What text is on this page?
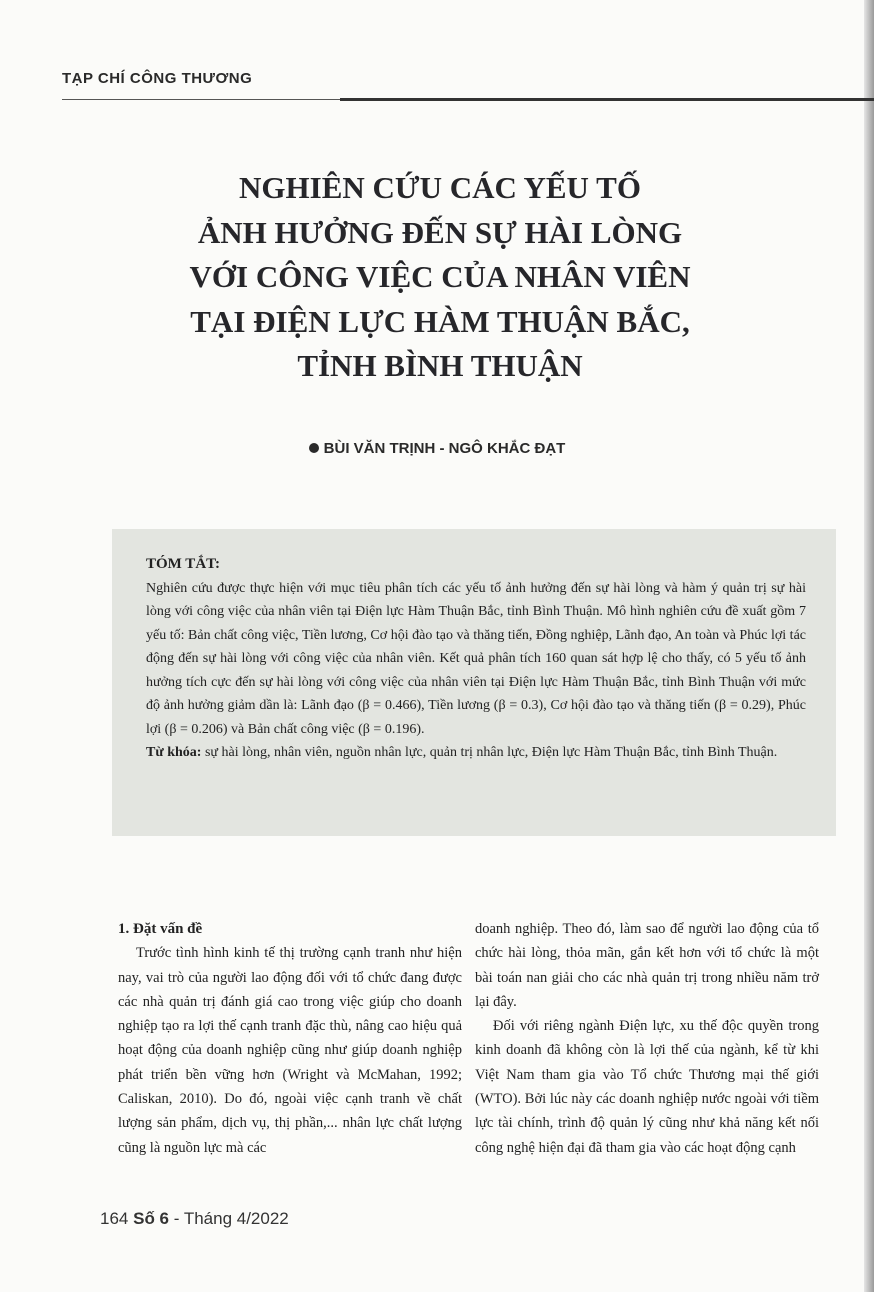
TẠP CHÍ CÔNG THƯƠNG
NGHIÊN CỨU CÁC YẾU TỐ
ẢNH HƯỞNG ĐẾN SỰ HÀI LÒNG
VỚI CÔNG VIỆC CỦA NHÂN VIÊN
TẠI ĐIỆN LỰC HÀM THUẬN BẮC,
TỈNH BÌNH THUẬN
BÙI VĂN TRỊNH - NGÔ KHẮC ĐẠT
TÓM TẮT:
Nghiên cứu được thực hiện với mục tiêu phân tích các yếu tố ảnh hưởng đến sự hài lòng và hàm ý quản trị sự hài lòng với công việc của nhân viên tại Điện lực Hàm Thuận Bắc, tỉnh Bình Thuận. Mô hình nghiên cứu đề xuất gồm 7 yếu tố: Bản chất công việc, Tiền lương, Cơ hội đào tạo và thăng tiến, Đồng nghiệp, Lãnh đạo, An toàn và Phúc lợi tác động đến sự hài lòng với công việc của nhân viên. Kết quả phân tích 160 quan sát hợp lệ cho thấy, có 5 yếu tố ảnh hưởng tích cực đến sự hài lòng với công việc của nhân viên tại Điện lực Hàm Thuận Bắc, tỉnh Bình Thuận với mức độ ảnh hưởng giảm dần là: Lãnh đạo (β = 0.466), Tiền lương (β = 0.3), Cơ hội đào tạo và thăng tiến (β = 0.29), Phúc lợi (β = 0.206) và Bản chất công việc (β = 0.196).
Từ khóa: sự hài lòng, nhân viên, nguồn nhân lực, quản trị nhân lực, Điện lực Hàm Thuận Bắc, tỉnh Bình Thuận.
1. Đặt vấn đề

Trước tình hình kinh tế thị trường cạnh tranh như hiện nay, vai trò của người lao động đối với tổ chức đang được các nhà quản trị đánh giá cao trong việc giúp cho doanh nghiệp tạo ra lợi thế cạnh tranh đặc thù, nâng cao hiệu quả hoạt động của doanh nghiệp cũng như giúp doanh nghiệp phát triển bền vững hơn (Wright và McMahan, 1992; Caliskan, 2010). Do đó, ngoài việc cạnh tranh về chất lượng sản phẩm, dịch vụ, thị phần,... nhân lực chất lượng cũng là nguồn lực mà các

doanh nghiệp. Theo đó, làm sao để người lao động của tổ chức hài lòng, thỏa mãn, gắn kết hơn với tổ chức là một bài toán nan giải cho các nhà quản trị trong nhiều năm trở lại đây.

Đối với riêng ngành Điện lực, xu thế độc quyền trong kinh doanh đã không còn là lợi thế của ngành, kể từ khi Việt Nam tham gia vào Tổ chức Thương mại thế giới (WTO). Bởi lúc này các doanh nghiệp nước ngoài với tiềm lực tài chính, trình độ quản lý cũng như khả năng kết nối công nghệ hiện đại đã tham gia vào các hoạt động cạnh

164 Số 6 - Tháng 4/2022
